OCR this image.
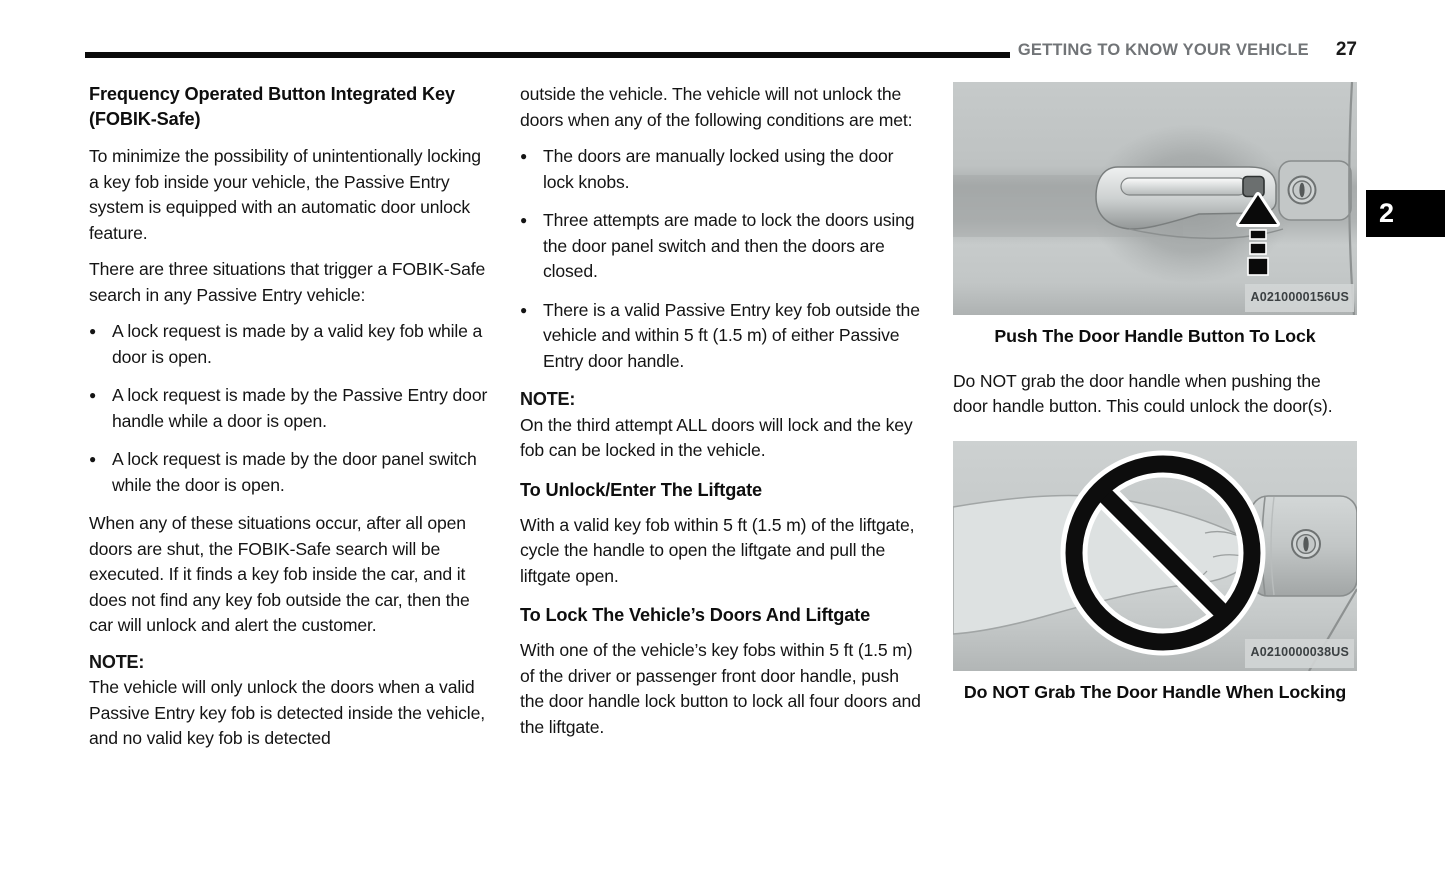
GETTING TO KNOW YOUR VEHICLE 27
2
Frequency Operated Button Integrated Key (FOBIK-Safe)

To minimize the possibility of unintentionally locking a key fob inside your vehicle, the Passive Entry system is equipped with an automatic door unlock feature.

There are three situations that trigger a FOBIK-Safe search in any Passive Entry vehicle:

● A lock request is made by a valid key fob while a door is open.
● A lock request is made by the Passive Entry door handle while a door is open.
● A lock request is made by the door panel switch while the door is open.

When any of these situations occur, after all open doors are shut, the FOBIK-Safe search will be executed. If it finds a key fob inside the car, and it does not find any key fob outside the car, then the car will unlock and alert the customer.

NOTE:

The vehicle will only unlock the doors when a valid Passive Entry key fob is detected inside the vehicle, and no valid key fob is detected

outside the vehicle. The vehicle will not unlock the doors when any of the following conditions are met:

● The doors are manually locked using the door lock knobs.
● Three attempts are made to lock the doors using the door panel switch and then the doors are closed.
● There is a valid Passive Entry key fob outside the vehicle and within 5 ft (1.5 m) of either Passive Entry door handle.
NOTE:

On the third attempt ALL doors will lock and the key fob can be locked in the vehicle.

To Unlock/Enter The Liftgate

With a valid key fob within 5 ft (1.5 m) of the liftgate, cycle the handle to open the liftgate and pull the liftgate open.

To Lock The Vehicle’s Doors And Liftgate

With one of the vehicle’s key fobs within 5 ft (1.5 m) of the driver or passenger front door handle, push the door handle lock button to lock all four doors and the liftgate.

A0210000156US
Push The Door Handle Button To Lock

Do NOT grab the door handle when pushing the door handle button. This could unlock the door(s).

A0210000038US
Do NOT Grab The Door Handle When Locking
